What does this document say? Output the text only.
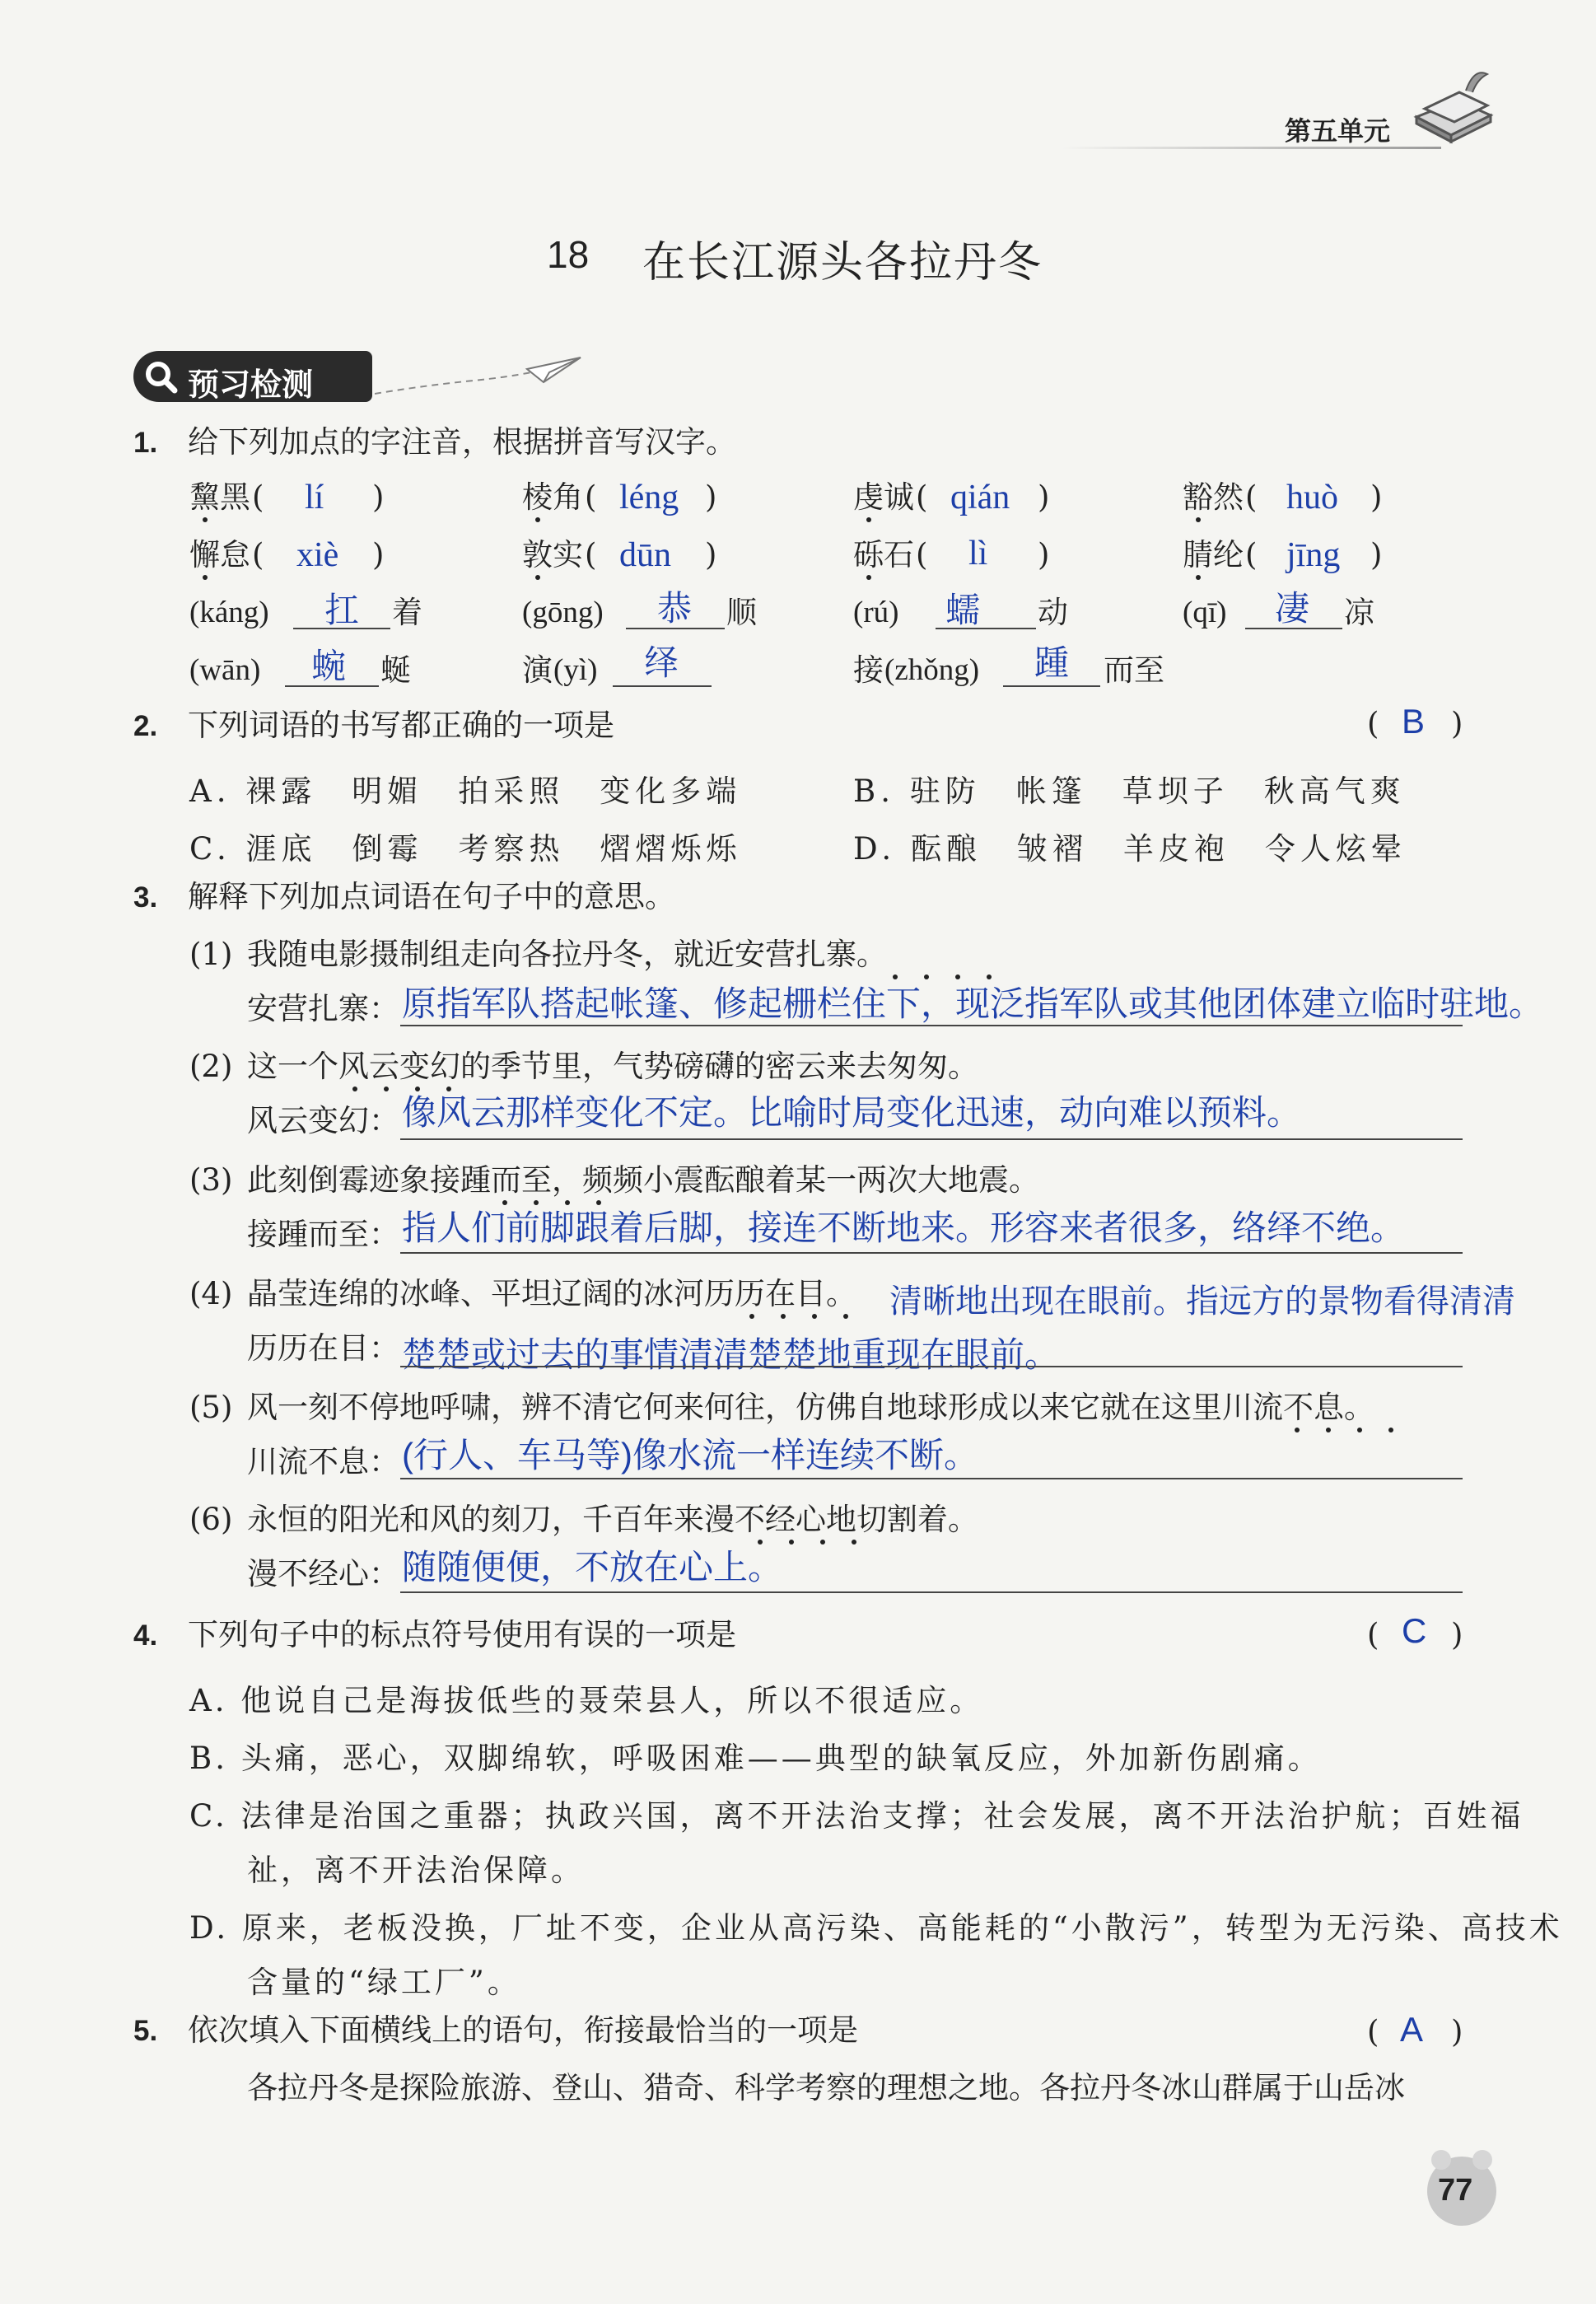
第五单元
18 在长江源头各拉丹冬
预习检测
1. 给下列加点的字注音，根据拼音写汉字。
黧黑 ( lí )	棱角 ( léng )	虔诚 ( qián )	豁然 ( huò )
懈怠 ( xiè )	敦实 ( dūn )	砾石 ( lì )	腈纶 ( jīng )
(káng) 扛 着	(gōng) 恭 顺	(rú) 蠕 动	(qī) 凄 凉
(wān) 蜿 蜒	演 (yì) 绎	接 (zhǒng) 踵 而至
2. 下列词语的书写都正确的一项是	( B )
A. 裸露　明媚　拍采照　变化多端	B. 驻防　帐篷　草坝子　秋高气爽
C. 涯底　倒霉　考察热　熠熠烁烁	D. 酝酿　皱褶　羊皮袍　令人炫晕
3. 解释下列加点词语在句子中的意思。
(1) 我随电影摄制组走向各拉丹冬，就近安营扎寨。
安营扎寨： 原指军队搭起帐篷、修起栅栏住下，现泛指军队或其他团体建立临时驻地。
(2) 这一个风云变幻的季节里，气势磅礴的密云来去匆匆。
风云变幻： 像风云那样变化不定。比喻时局变化迅速，动向难以预料。
(3) 此刻倒霉迹象接踵而至，频频小震酝酿着某一两次大地震。
接踵而至： 指人们前脚跟着后脚，接连不断地来。形容来者很多，络绎不绝。
(4) 晶莹连绵的冰峰、平坦辽阔的冰河历历在目。 清晰地出现在眼前。指远方的景物看得清清
历历在目： 楚楚或过去的事情清清楚楚地重现在眼前。
(5) 风一刻不停地呼啸，辨不清它何来何往，仿佛自地球形成以来它就在这里川流不息。
川流不息： (行人、车马等)像水流一样连续不断。
(6) 永恒的阳光和风的刻刀，千百年来漫不经心地切割着。
漫不经心： 随随便便，不放在心上。
4. 下列句子中的标点符号使用有误的一项是	( C )
A. 他说自己是海拔低些的聂荣县人，所以不很适应。
B. 头痛，恶心，双脚绵软，呼吸困难——典型的缺氧反应，外加新伤剧痛。
C. 法律是治国之重器；执政兴国，离不开法治支撑；社会发展，离不开法治护航；百姓福
祉，离不开法治保障。
D. 原来，老板没换，厂址不变，企业从高污染、高能耗的“小散污”，转型为无污染、高技术
含量的“绿工厂”。
5. 依次填入下面横线上的语句，衔接最恰当的一项是	( A )
各拉丹冬是探险旅游、登山、猎奇、科学考察的理想之地。各拉丹冬冰山群属于山岳冰
77
